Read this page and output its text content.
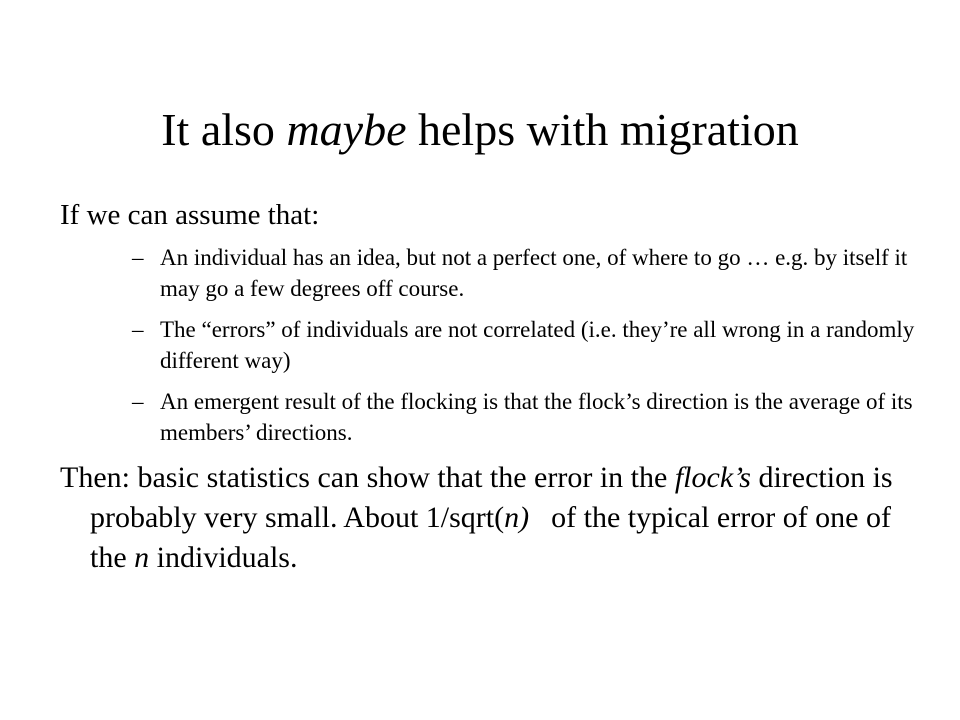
It also maybe helps with migration
If we can assume that:
– An individual has an idea, but not a perfect one, of where to go … e.g. by itself it may go a few degrees off course.
– The “errors” of individuals are not correlated (i.e. they’re all wrong in a randomly different way)
– An emergent result of the flocking is that the flock’s direction is the average of its members’ directions.
Then: basic statistics can show that the error in the flock’s direction is probably very small. About 1/sqrt(n) of the typical error of one of the n individuals.
